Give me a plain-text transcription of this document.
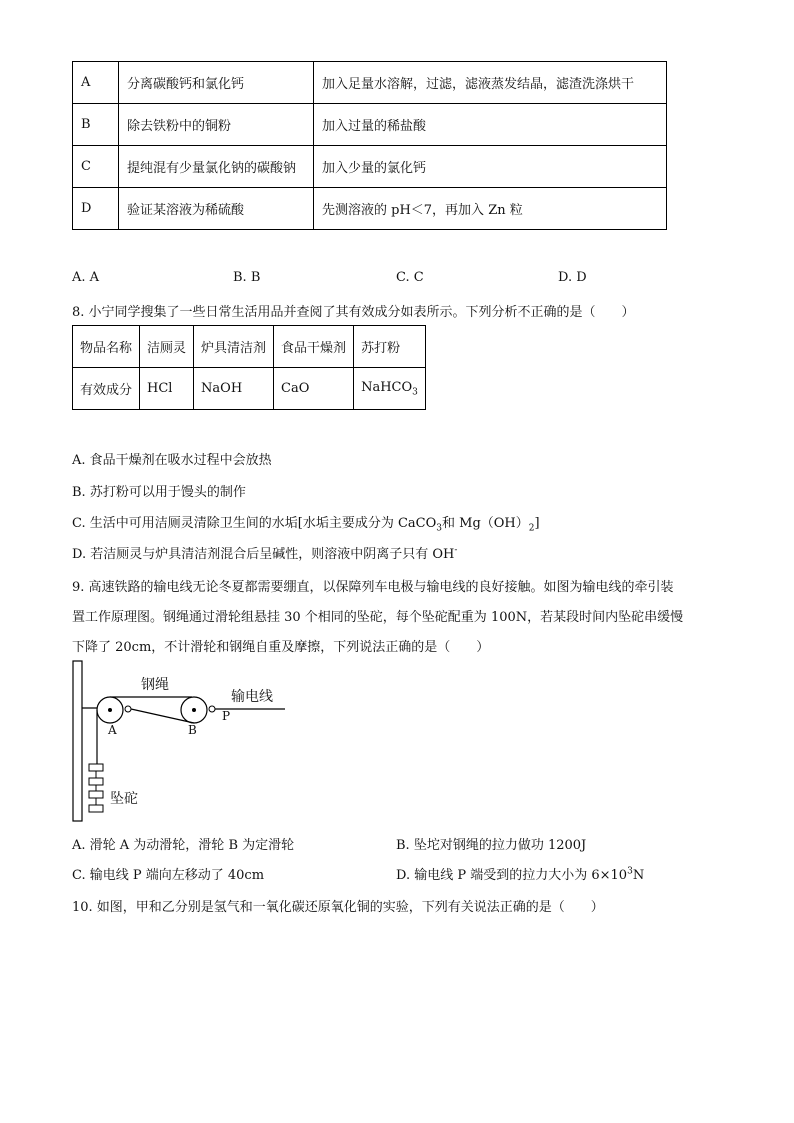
A	分离碳酸钙和氯化钙	加入足量水溶解，过滤，滤液蒸发结晶，滤渣洗涤烘干
B	除去铁粉中的铜粉	加入过量的稀盐酸
C	提纯混有少量氯化钠的碳酸钠	加入少量的氯化钙
D	验证某溶液为稀硫酸	先测溶液的 pH＜7，再加入 Zn 粒
A. A	B. B	C. C	D. D
8. 小宁同学搜集了一些日常生活用品并查阅了其有效成分如表所示。下列分析不正确的是（　　）
物品名称	洁厕灵	炉具清洁剂	食品干燥剂	苏打粉
有效成分	HCl	NaOH	CaO	NaHCO$_3$
A. 食品干燥剂在吸水过程中会放热
B. 苏打粉可以用于馒头的制作
C. 生活中可用洁厕灵清除卫生间的水垢[水垢主要成分为 CaCO$_3$和 $Mg(OH)_2$]
D. 若洁厕灵与炉具清洁剂混合后呈碱性，则溶液中阴离子只有 OH-
9. 高速铁路的输电线无论冬夏都需要绷直，以保障列车电极与输电线的良好接触。如图为输电线的牵引装
置工作原理图。钢绳通过滑轮组悬挂 30 个相同的坠砣，每个坠砣配重为 100N，若某段时间内坠砣串缓慢
下降了 20cm，不计滑轮和钢绳自重及摩擦，下列说法正确的是（　　）
钢绳
输电线
P
A	B
坠砣
A. 滑轮 A 为动滑轮，滑轮 B 为定滑轮	B. 坠坨对钢绳的拉力做功 1200J
C. 输电线 P 端向左移动了 40cm	D. 输电线 P 端受到的拉力大小为 $6\times 10^3N$
10. 如图，甲和乙分别是氢气和一氧化碳还原氧化铜的实验，下列有关说法正确的是（　　）
